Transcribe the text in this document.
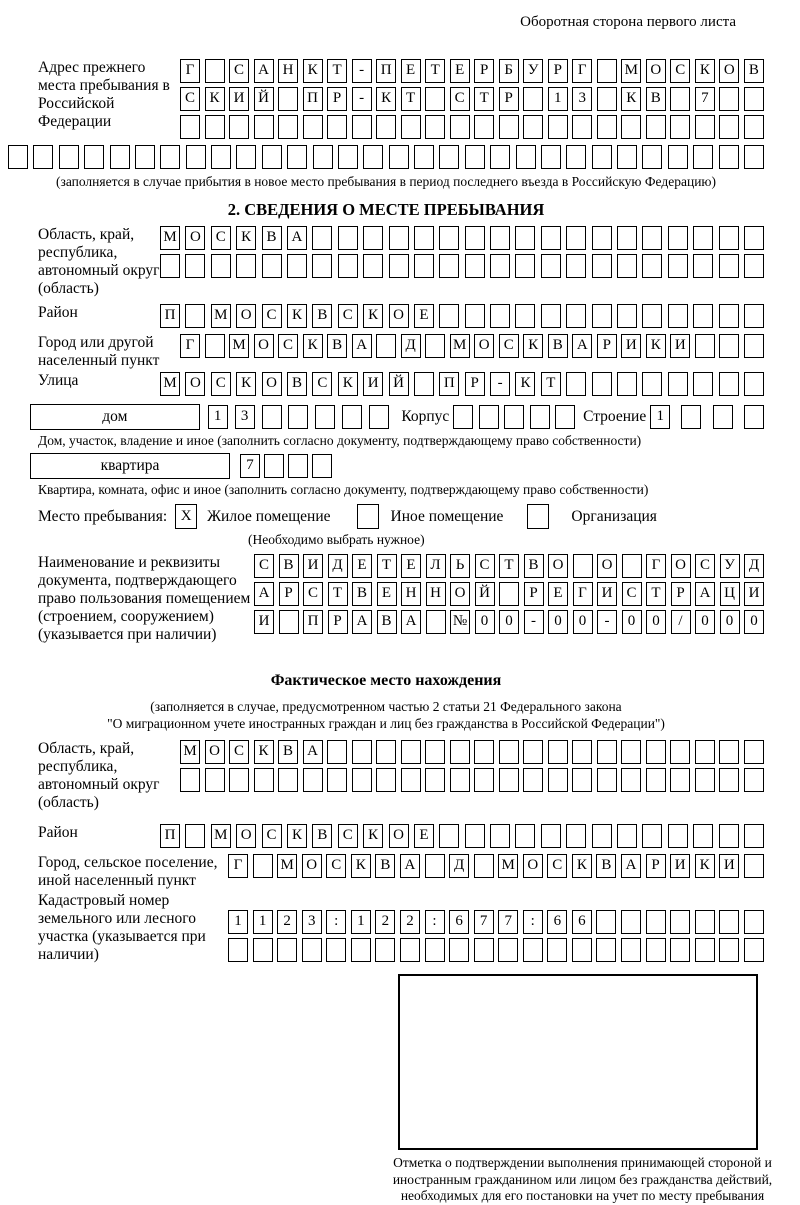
Оборотная сторона первого листа
Адрес прежнего места пребывания в Российской Федерации
Г	С А Н К Т	-	П Е	Т	Е	Р	Б У	Р	Г	М О С К О В
С К И Й	П Р	-	К Т	С Т	Р	1	3	К В	7
(заполняется в случае прибытия в новое место пребывания в период последнего въезда в Российскую Федерацию)
2. СВЕДЕНИЯ О МЕСТЕ ПРЕБЫВАНИЯ
Область, край, республика, автономный округ (область)
М О С	К	В А
Район	П	М О С	К	В	С	К О	Е
Город или другой населенный пункт
Г	М О С К В А	Д	М О С К В А Р И К И
Улица	М О С	К О В	С	К И Й	П	Р	-	К	Т
дом	1	3	Корпус	Строение 1
Дом, участок, владение и иное (заполнить согласно документу, подтверждающему право собственности)
квартира	7
Квартира, комната, офис и иное (заполнить согласно документу, подтверждающему право собственности)
Место пребывания: X	Жилое помещение	Иное помещение	Организация
(Необходимо выбрать нужное)
Наименование и реквизиты документа, подтверждающего право пользования помещением (строением, сооружением) (указывается при наличии)
С В И Д Е	Т	Е Л	Ь	С Т В О	О	Г О С У Д
А Р	С Т В Е Н Н О Й	Р	Е	Г И С Т	Р А Ц И
И	П Р А В А	№ 0	0	-	0	0	-	0	0	/	0	0	0
Фактическое место нахождения
(заполняется в случае, предусмотренном частью 2 статьи 21 Федерального закона
"О миграционном учете иностранных граждан и лиц без гражданства в Российской Федерации")
Область, край, республика, автономный округ (область)
М О С К В А
Район	П	М О С	К	В	С	К О	Е
Город, сельское поселение, иной населенный пункт
Г	М О С К В А	Д	М О С К В А Р И К И
Кадастровый номер земельного или лесного участка (указывается при наличии)
1	1	2	3	:	1	2	2	:	6	7	7	:	6	6
Отметка о подтверждении выполнения принимающей стороной и иностранным гражданином или лицом без гражданства действий, необходимых для его постановки на учет по месту пребывания
